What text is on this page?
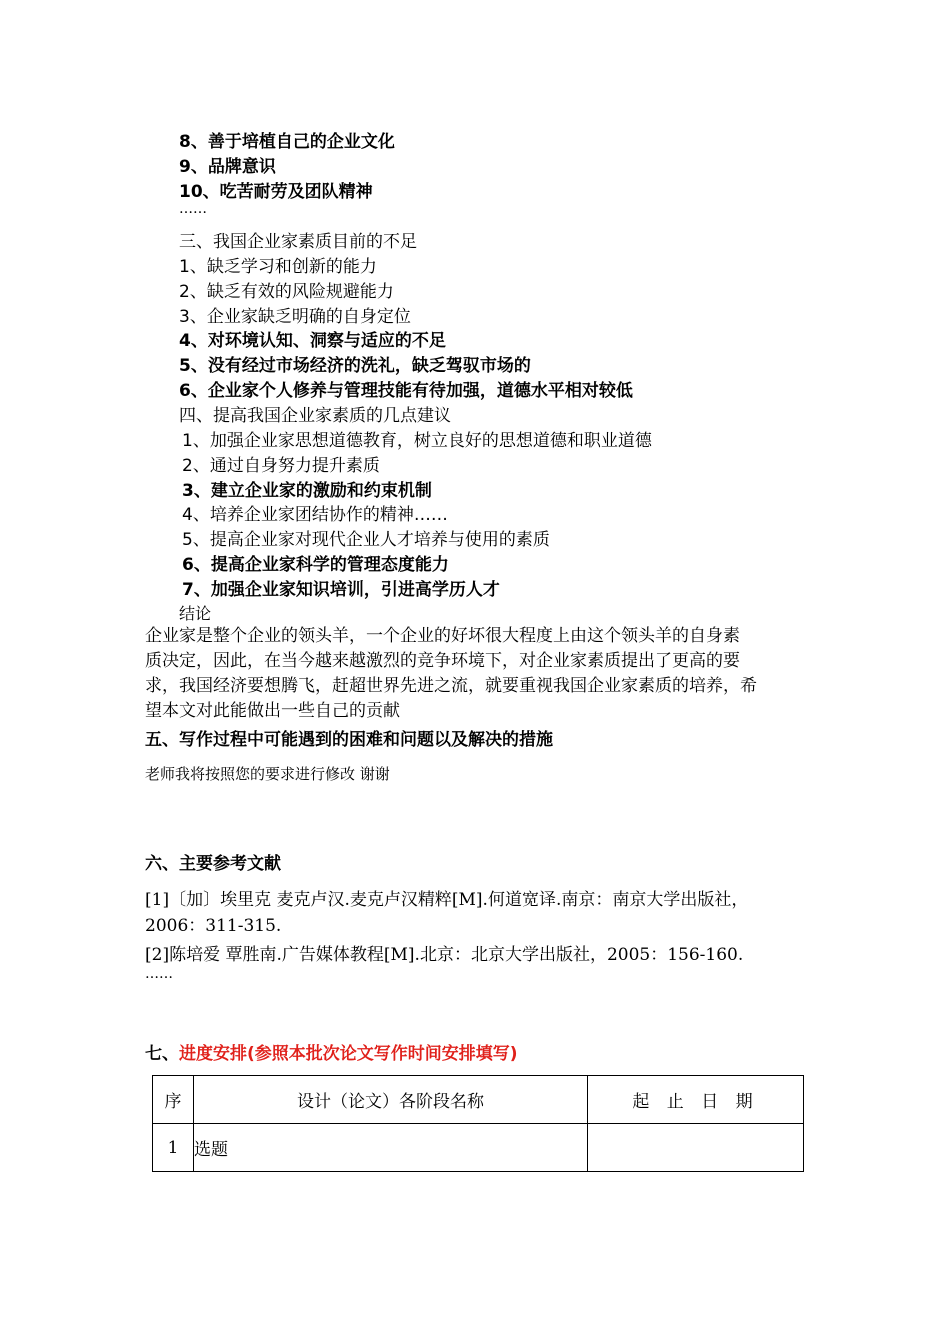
8、善于培植自己的企业文化
9、品牌意识
10、吃苦耐劳及团队精神
……
三、我国企业家素质目前的不足
1、缺乏学习和创新的能力
2、缺乏有效的风险规避能力
3、企业家缺乏明确的自身定位
4、对环境认知、洞察与适应的不足
5、没有经过市场经济的洗礼，缺乏驾驭市场的
6、企业家个人修养与管理技能有待加强，道德水平相对较低
四、提高我国企业家素质的几点建议
1、加强企业家思想道德教育，树立良好的思想道德和职业道德
2、通过自身努力提升素质
3、建立企业家的激励和约束机制
4、培养企业家团结协作的精神……
5、提高企业家对现代企业人才培养与使用的素质
6、提高企业家科学的管理态度能力
7、加强企业家知识培训，引进高学历人才
结论
企业家是整个企业的领头羊，一个企业的好坏很大程度上由这个领头羊的自身素
质决定，因此，在当今越来越激烈的竞争环境下，对企业家素质提出了更高的要
求，我国经济要想腾飞，赶超世界先进之流，就要重视我国企业家素质的培养，希
望本文对此能做出一些自己的贡献
五、写作过程中可能遇到的困难和问题以及解决的措施
老师我将按照您的要求进行修改 谢谢
六、主要参考文献
[1]〔加〕埃里克 麦克卢汉.麦克卢汉精粹[M].何道宽译.南京：南京大学出版社，
2006：311-315.
[2]陈培爱 覃胜南.广告媒体教程[M].北京：北京大学出版社，2005：156-160.
……
七、进度安排(参照本批次论文写作时间安排填写)
序	设计（论文）各阶段名称	起 止 日 期
1	选题	
